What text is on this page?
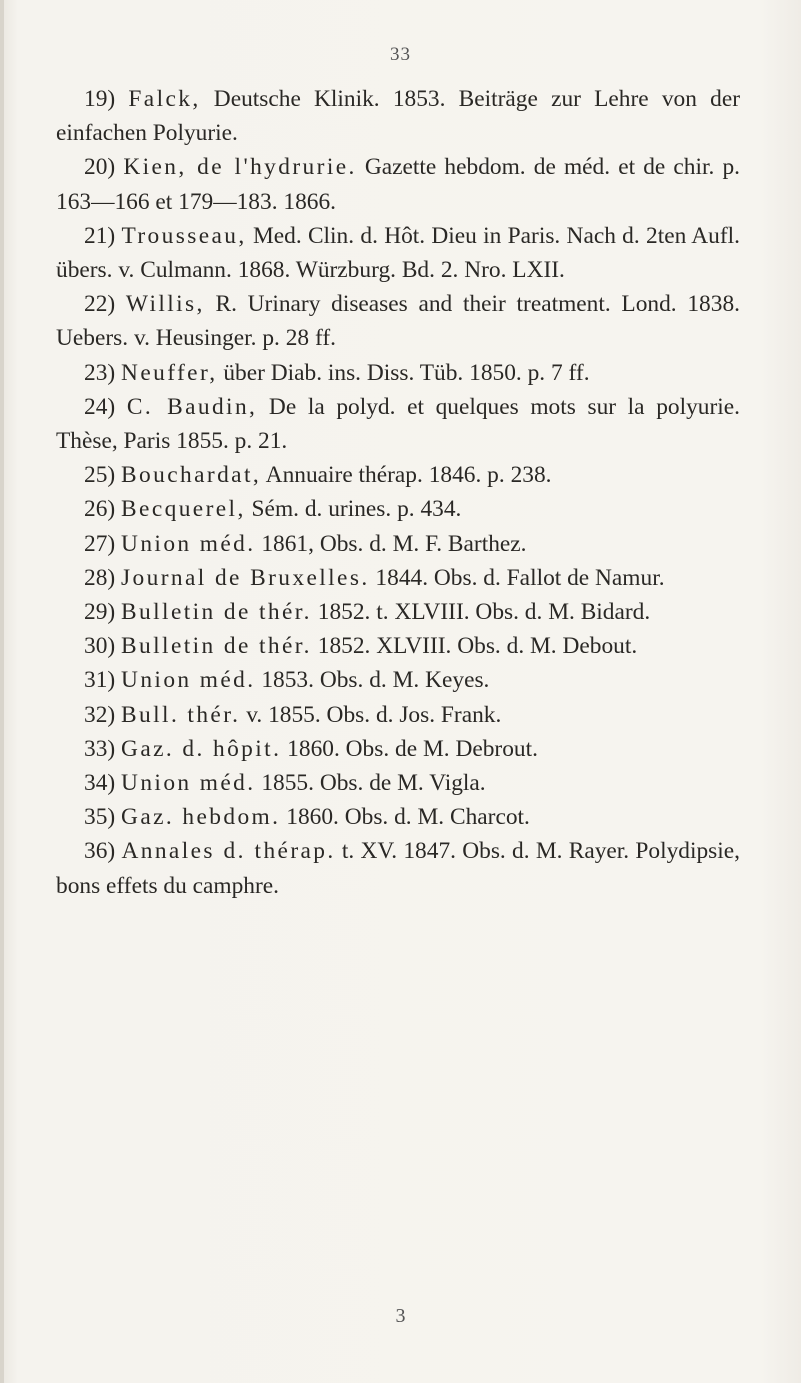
33

19) Falck, Deutsche Klinik. 1853. Beiträge zur Lehre von der einfachen Polyurie.

20) Kien, de l'hydrurie. Gazette hebdom. de méd. et de chir. p. 163—166 et 179—183. 1866.

21) Trousseau, Med. Clin. d. Hôt. Dieu in Paris. Nach d. 2ten Aufl. übers. v. Culmann. 1868. Würzburg. Bd. 2. Nro. LXII.

22) Willis, R. Urinary diseases and their treatment. Lond. 1838. Uebers. v. Heusinger. p. 28 ff.

23) Neuffer, über Diab. ins. Diss. Tüb. 1850. p. 7 ff.

24) C. Baudin, De la polyd. et quelques mots sur la polyurie. Thèse, Paris 1855. p. 21.

25) Bouchardat, Annuaire thérap. 1846. p. 238.

26) Becquerel, Sém. d. urines. p. 434.

27) Union méd. 1861, Obs. d. M. F. Barthez.

28) Journal de Bruxelles. 1844. Obs. d. Fallot de Namur.

29) Bulletin de thér. 1852. t. XLVIII. Obs. d. M. Bidard.

30) Bulletin de thér. 1852. XLVIII. Obs. d. M. Debout.

31) Union méd. 1853. Obs. d. M. Keyes.

32) Bull. thér. v. 1855. Obs. d. Jos. Frank.

33) Gaz. d. hôpit. 1860. Obs. de M. Debrout.

34) Union méd. 1855. Obs. de M. Vigla.

35) Gaz. hebdom. 1860. Obs. d. M. Charcot.

36) Annales d. thérap. t. XV. 1847. Obs. d. M. Rayer. Polydipsie, bons effets du camphre.

3
